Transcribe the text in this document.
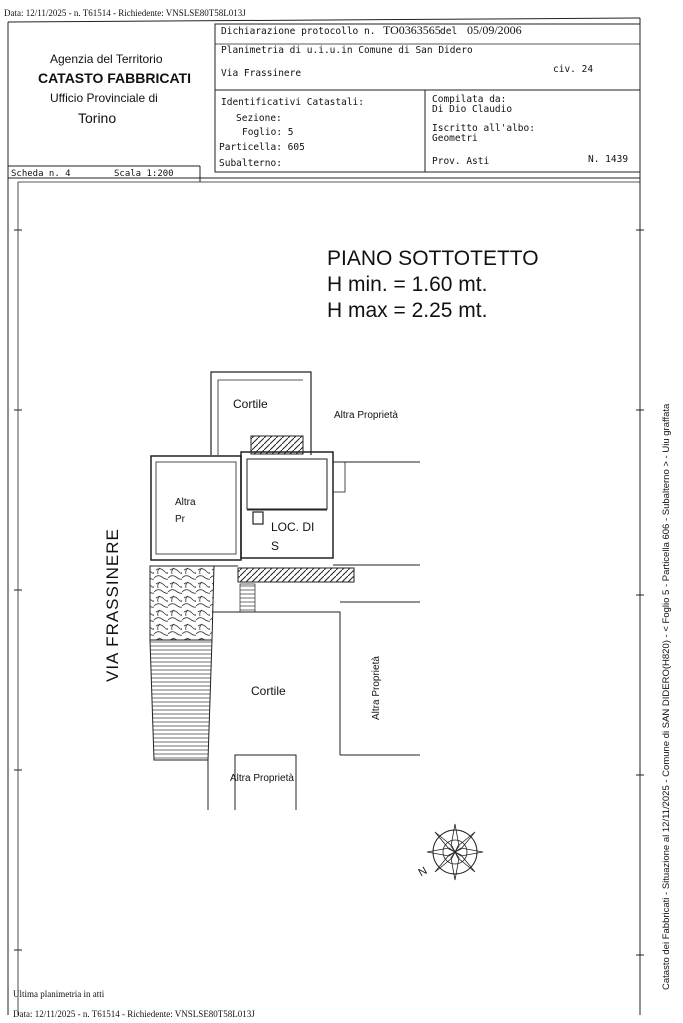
Data: 12/11/2025 - n. T61514 - Richiedente: VNSLSE80T58L013J
Ultima planimetria in atti
Data: 12/11/2025 - n. T61514 - Richiedente: VNSLSE80T58L013J
Agenzia del Territorio
CATASTO FABBRICATI
Ufficio Provinciale di
Torino
Dichiarazione protocollo n. TO0363565 del 05/09/2006
Planimetria di u.i.u.in Comune di San Didero
Via Frassinere	civ. 24
Identificativi Catastali:
Sezione:
Foglio: 5
Particella: 605
Subalterno:
Compilata da:
Di Dio Claudio
Iscritto all'albo:
Geometri
Prov. Asti	N. 1439
Scheda n. 4	Scala 1:200
PIANO SOTTOTETTO
H min. = 1.60 mt.
H max = 2.25 mt.
VIA FRASSINERE
Cortile
Altra Proprietà
Altra
Pr
LOC. DI
S
Cortile	Altra Proprietà
Altra Proprietà
N	Catasto dei Fabbricati - Situazione al 12/11/2025 - Comune di SAN DIDERO(H820) - < Foglio 5 - Particella 606 - Subalterno > - Uiu graffata
